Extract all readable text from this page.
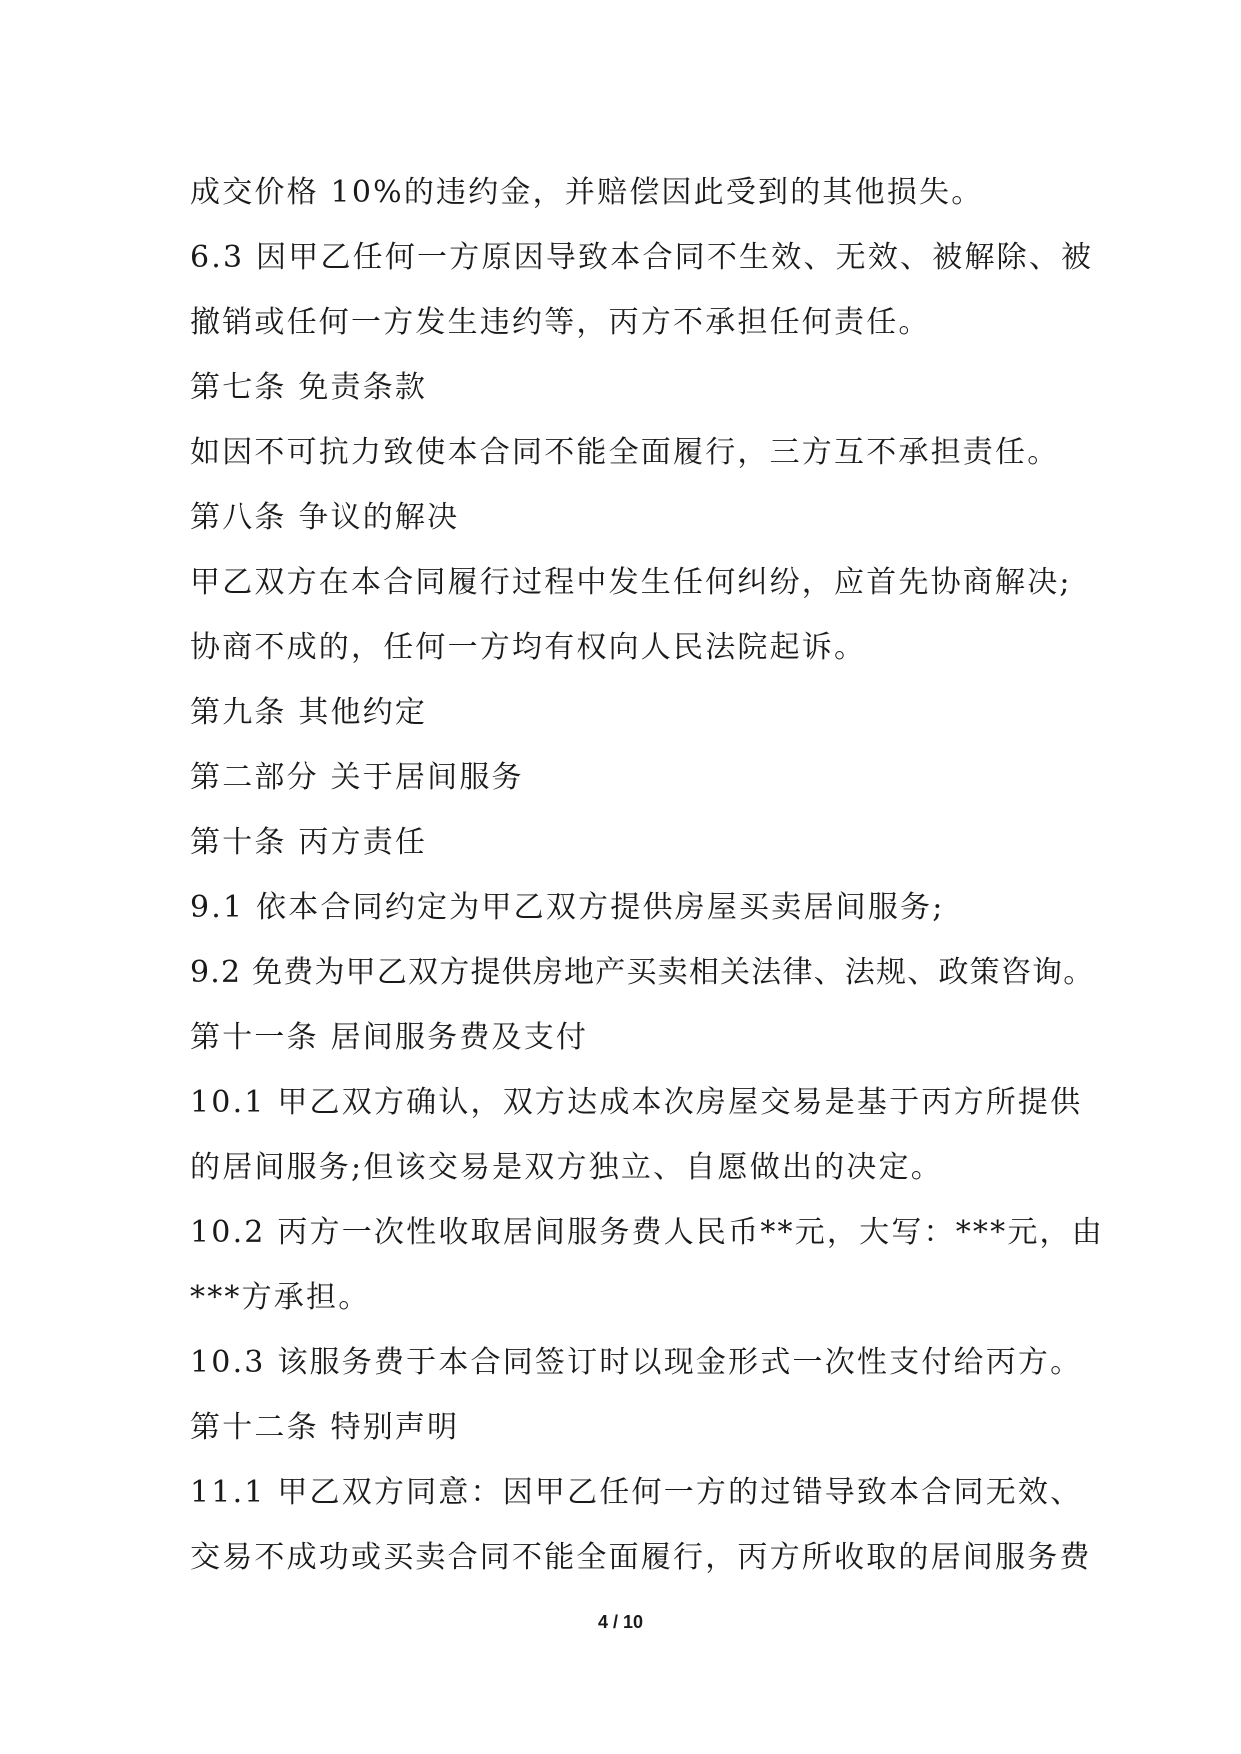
成交价格 10%的违约金，并赔偿因此受到的其他损失。
6.3 因甲乙任何一方原因导致本合同不生效、无效、被解除、被
撤销或任何一方发生违约等，丙方不承担任何责任。
第七条 免责条款
如因不可抗力致使本合同不能全面履行，三方互不承担责任。
第八条 争议的解决
甲乙双方在本合同履行过程中发生任何纠纷，应首先协商解决;
协商不成的，任何一方均有权向人民法院起诉。
第九条 其他约定
第二部分 关于居间服务
第十条 丙方责任
9.1 依本合同约定为甲乙双方提供房屋买卖居间服务;
9.2 免费为甲乙双方提供房地产买卖相关法律、法规、政策咨询。
第十一条 居间服务费及支付
10.1 甲乙双方确认，双方达成本次房屋交易是基于丙方所提供
的居间服务;但该交易是双方独立、自愿做出的决定。
10.2 丙方一次性收取居间服务费人民币**元，大写：***元，由
***方承担。
10.3 该服务费于本合同签订时以现金形式一次性支付给丙方。
第十二条 特别声明
11.1 甲乙双方同意：因甲乙任何一方的过错导致本合同无效、
交易不成功或买卖合同不能全面履行，丙方所收取的居间服务费
4 / 10
